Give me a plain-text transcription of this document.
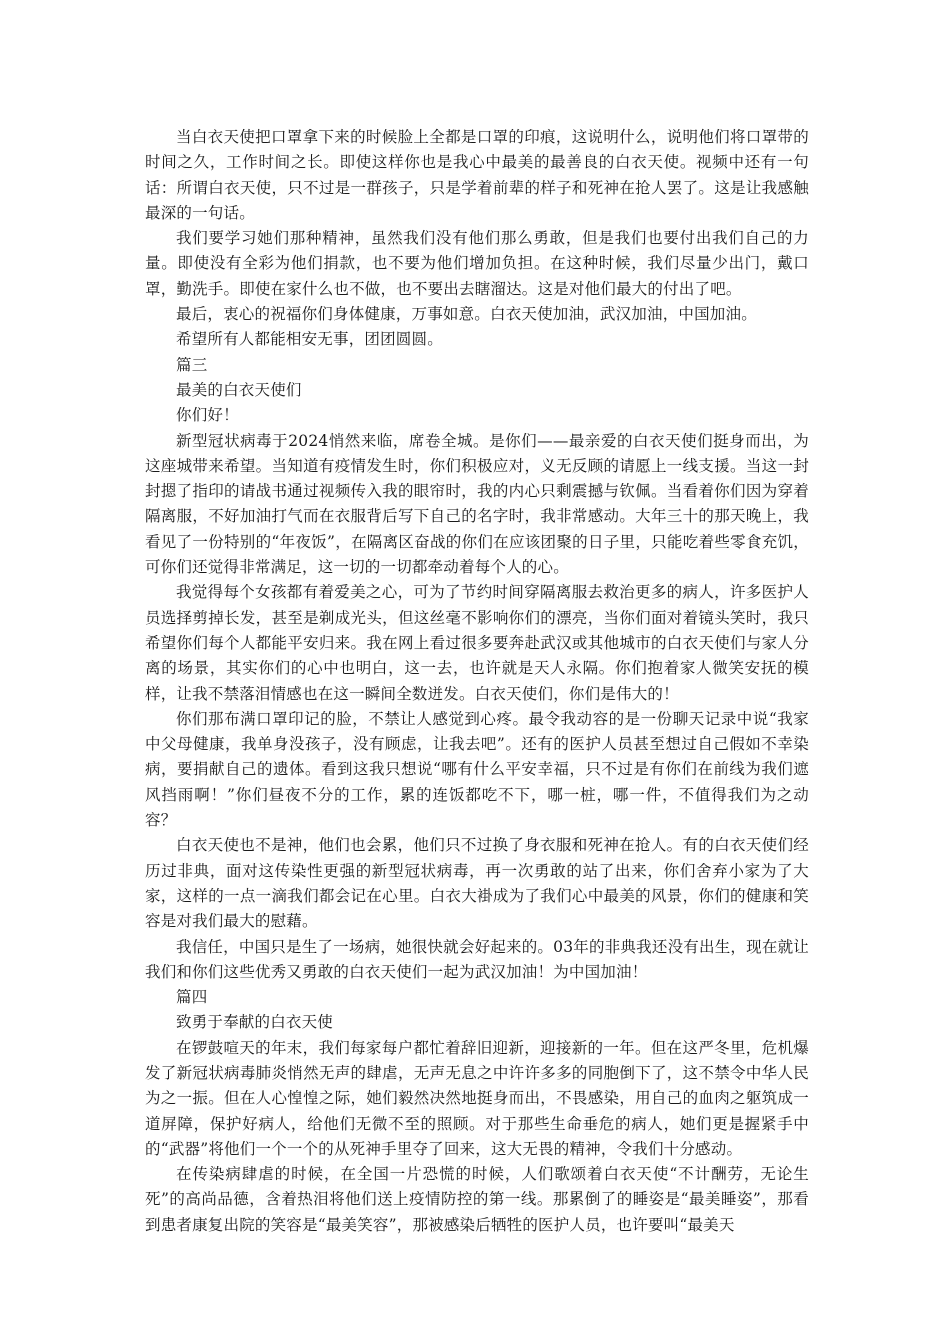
当白衣天使把口罩拿下来的时候脸上全都是口罩的印痕，这说明什么，说明他们将口罩带的时间之久，工作时间之长。即使这样你也是我心中最美的最善良的白衣天使。视频中还有一句话：所谓白衣天使，只不过是一群孩子，只是学着前辈的样子和死神在抢人罢了。这是让我感触最深的一句话。

我们要学习她们那种精神，虽然我们没有他们那么勇敢，但是我们也要付出我们自己的力量。即使没有全彩为他们捐款，也不要为他们增加负担。在这种时候，我们尽量少出门，戴口罩，勤洗手。即使在家什么也不做，也不要出去瞎溜达。这是对他们最大的付出了吧。

最后，衷心的祝福你们身体健康，万事如意。白衣天使加油，武汉加油，中国加油。

希望所有人都能相安无事，团团圆圆。

篇三

最美的白衣天使们

你们好！

新型冠状病毒于2024悄然来临，席卷全城。是你们——最亲爱的白衣天使们挺身而出，为这座城带来希望。当知道有疫情发生时，你们积极应对，义无反顾的请愿上一线支援。当这一封封摁了指印的请战书通过视频传入我的眼帘时，我的内心只剩震撼与钦佩。当看着你们因为穿着隔离服，不好加油打气而在衣服背后写下自己的名字时，我非常感动。大年三十的那天晚上，我看见了一份特别的“年夜饭”，在隔离区奋战的你们在应该团聚的日子里，只能吃着些零食充饥，可你们还觉得非常满足，这一切的一切都牵动着每个人的心。

我觉得每个女孩都有着爱美之心，可为了节约时间穿隔离服去救治更多的病人，许多医护人员选择剪掉长发，甚至是剃成光头，但这丝毫不影响你们的漂亮，当你们面对着镜头笑时，我只希望你们每个人都能平安归来。我在网上看过很多要奔赴武汉或其他城市的白衣天使们与家人分离的场景，其实你们的心中也明白，这一去，也许就是天人永隔。你们抱着家人微笑安抚的模样，让我不禁落泪情感也在这一瞬间全数迸发。白衣天使们，你们是伟大的！

你们那布满口罩印记的脸，不禁让人感觉到心疼。最令我动容的是一份聊天记录中说“我家中父母健康，我单身没孩子，没有顾虑，让我去吧”。还有的医护人员甚至想过自己假如不幸染病，要捐献自己的遗体。看到这我只想说“哪有什么平安幸福，只不过是有你们在前线为我们遮风挡雨啊！”你们昼夜不分的工作，累的连饭都吃不下，哪一桩，哪一件，不值得我们为之动容？

白衣天使也不是神，他们也会累，他们只不过换了身衣服和死神在抢人。有的白衣天使们经历过非典，面对这传染性更强的新型冠状病毒，再一次勇敢的站了出来，你们舍弃小家为了大家，这样的一点一滴我们都会记在心里。白衣大褂成为了我们心中最美的风景，你们的健康和笑容是对我们最大的慰藉。

我信任，中国只是生了一场病，她很快就会好起来的。03年的非典我还没有出生，现在就让我们和你们这些优秀又勇敢的白衣天使们一起为武汉加油！为中国加油！

篇四

致勇于奉献的白衣天使

在锣鼓喧天的年末，我们每家每户都忙着辞旧迎新，迎接新的一年。但在这严冬里，危机爆发了新冠状病毒肺炎悄然无声的肆虐，无声无息之中许许多多的同胞倒下了，这不禁令中华人民为之一振。但在人心惶惶之际，她们毅然决然地挺身而出，不畏感染，用自己的血肉之躯筑成一道屏障，保护好病人，给他们无微不至的照顾。对于那些生命垂危的病人，她们更是握紧手中的“武器”将他们一个一个的从死神手里夺了回来，这大无畏的精神，令我们十分感动。

在传染病肆虐的时候，在全国一片恐慌的时候，人们歌颂着白衣天使“不计酬劳，无论生死”的高尚品德，含着热泪将他们送上疫情防控的第一线。那累倒了的睡姿是“最美睡姿”，那看到患者康复出院的笑容是“最美笑容”，那被感染后牺牲的医护人员，也许要叫“最美天
